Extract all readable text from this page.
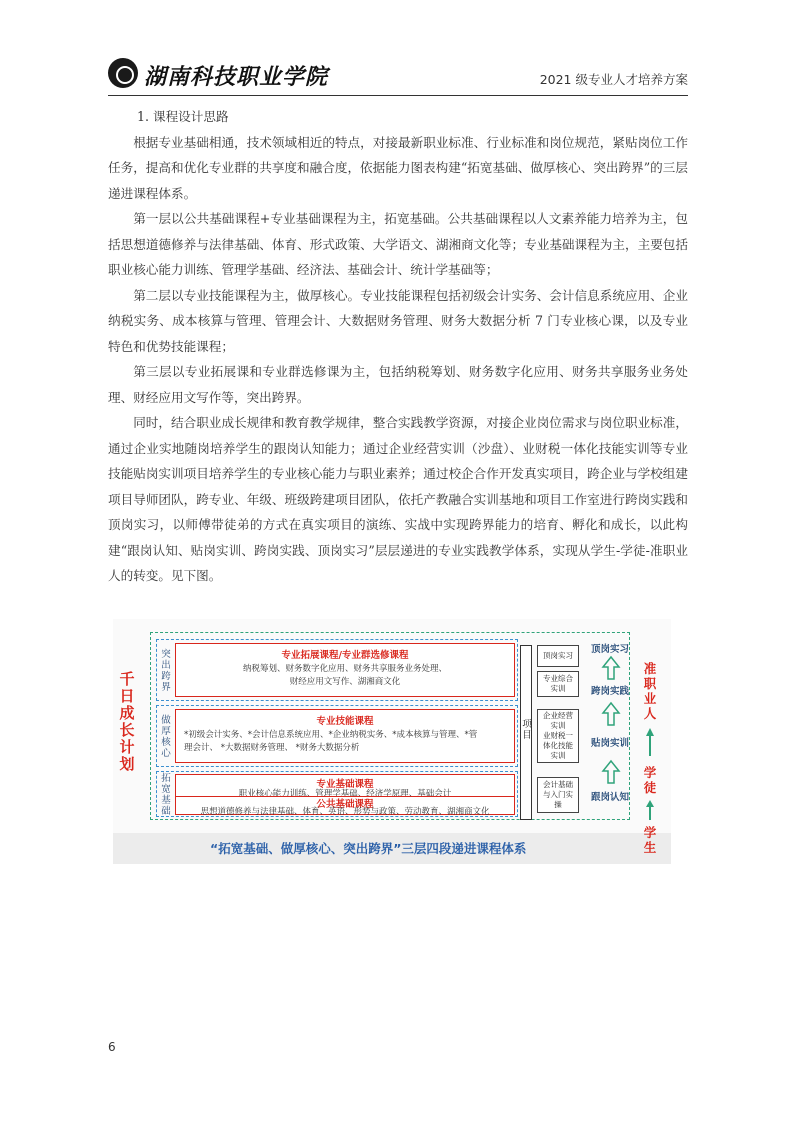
湖南科技职业学院	2021 级专业人才培养方案

1. 课程设计思路

根据专业基础相通，技术领域相近的特点，对接最新职业标准、行业标准和岗位规范，紧贴岗位工作任务，提高和优化专业群的共享度和融合度，依据能力图表构建“拓宽基础、做厚核心、突出跨界”的三层递进课程体系。

第一层以公共基础课程+专业基础课程为主，拓宽基础。公共基础课程以人文素养能力培养为主，包括思想道德修养与法律基础、体育、形式政策、大学语文、湖湘商文化等；专业基础课程为主，主要包括职业核心能力训练、管理学基础、经济法、基础会计、统计学基础等；

第二层以专业技能课程为主，做厚核心。专业技能课程包括初级会计实务、会计信息系统应用、企业纳税实务、成本核算与管理、管理会计、大数据财务管理、财务大数据分析 7 门专业核心课，以及专业特色和优势技能课程；

第三层以专业拓展课和专业群选修课为主，包括纳税筹划、财务数字化应用、财务共享服务业务处理、财经应用文写作等，突出跨界。

同时，结合职业成长规律和教育教学规律，整合实践教学资源，对接企业岗位需求与岗位职业标准，通过企业实地随岗培养学生的跟岗认知能力；通过企业经营实训（沙盘）、业财税一体化技能实训等专业技能贴岗实训项目培养学生的专业核心能力与职业素养；通过校企合作开发真实项目，跨企业与学校组建项目导师团队，跨专业、年级、班级跨建项目团队，依托产教融合实训基地和项目工作室进行跨岗实践和顶岗实习，以师傅带徒弟的方式在真实项目的演练、实战中实现跨界能力的培育、孵化和成长，以此构建“跟岗认知、贴岗实训、跨岗实践、顶岗实习”层层递进的专业实践教学体系，实现从学生-学徒-准职业人的转变。见下图。

千日成长计划
突出跨界
做厚核心
拓宽基础
专业拓展课程/专业群选修课程
纳税筹划、财务数字化应用、财务共享服务业务处理、
财经应用文写作、湖湘商文化
专业技能课程
*初级会计实务、*会计信息系统应用、*企业纳税实务、*成本核算与管理、*管
理会计、 *大数据财务管理、 *财务大数据分析
专业基础课程
职业核心能力训练、管理学基础、经济学原理、基础会计
公共基础课程
思想道德修养与法律基础、体育、英语、形势与政策、劳动教育、湖湘商文化
项目
顶岗实习
专业综合
实训
企业经营
实训
业财税一
体化技能
实训
会计基础
与入门实
操
顶岗实习
跨岗实践
贴岗实训
跟岗认知
准职业人
学徒
学生
“拓宽基础、做厚核心、突出跨界”三层四段递进课程体系
6
